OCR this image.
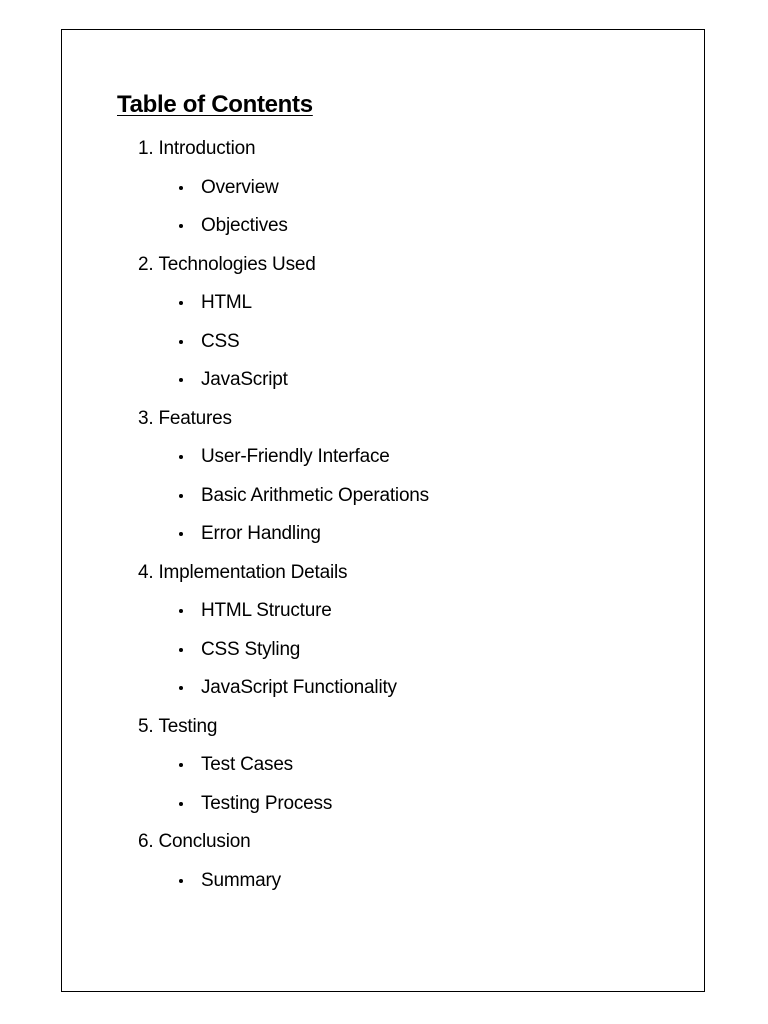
Table of Contents
1. Introduction
Overview
Objectives
2. Technologies Used
HTML
CSS
JavaScript
3. Features
User-Friendly Interface
Basic Arithmetic Operations
Error Handling
4. Implementation Details
HTML Structure
CSS Styling
JavaScript Functionality
5. Testing
Test Cases
Testing Process
6. Conclusion
Summary
